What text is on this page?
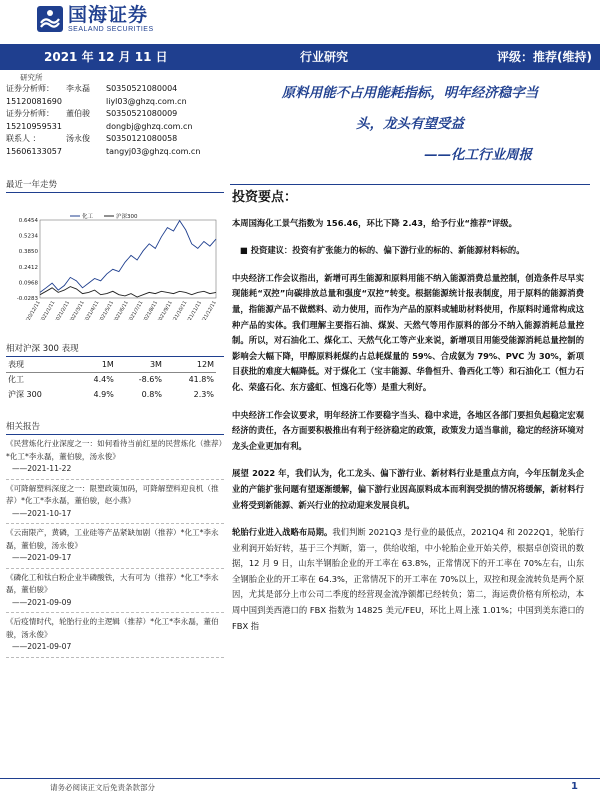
国海证券
SEALAND SECURITIES
2021 年 12 月 11 日	行业研究	评级：推荐(维持)
研究所
证券分析师：	李永磊	S0350521080004
15120081690	liyl03@ghzq.com.cn
证券分析师：	董伯骏	S0350521080009
15210959531	dongbj@ghzq.com.cn
联系人 ：	汤永俊	S0350121080058
15606133057	tangyj03@ghzq.com.cn
最近一年走势
0.6454
0.5234
0.3850
0.2412
0.0968
-0.0283
2020/12/11
2021/1/11
2021/2/11
2021/3/11
2021/4/11
2021/5/11
2021/6/11
2021/7/11
2021/8/11
2021/9/11
2021/10/11
2021/11/11
2021/12/11
化工	沪深300
相对沪深 300 表现
表现	1M	3M	12M
化工	4.4%	-8.6%	41.8%
沪深 300	4.9%	0.8%	2.3%
相关报告
《民营炼化行业深度之一：如何看待当前红星的民营炼化（推荐）*化工*李永磊，董伯骏，汤永俊》
——2021-11-22
《可降解塑料深度之一：限塑政策加码，可降解塑料迎良机（推荐）*化工*李永磊，董伯骏，赵小燕》
——2021-10-17
《云南限产，黄磷，工业硅等产品紧缺加剧（推荐）*化工*李永磊，董伯骏，汤永俊》
——2021-09-17
《磷化工和钛白粉企业半磷酸铁，大有可为（推荐）*化工*李永磊，董伯骏》
——2021-09-09
《后疫情时代，轮胎行业的主逻辑（推荐）*化工*李永磊，董伯骏，汤永俊》
——2021-09-07
原料用能不占用能耗指标，明年经济稳字当
头，龙头有望受益
——化工行业周报
投资要点：

本周国海化工景气指数为 156.46，环比下降 2.43，给予行业“推荐”评级。

■ 投资建议：投资有扩张能力的标的、偏下游行业的标的、新能源材料标的。

中央经济工作会议指出，新增可再生能源和原料用能不纳入能源消费总量控制，创造条件尽早实现能耗“双控”向碳排放总量和强度“双控”转变。根据能源统计报表制度，用于原料的能源消费量，指能源产品不做燃料、动力使用，而作为产品的原料或辅助材料使用，作原料时通常构成这种产品的实体。我们理解主要指石油、煤炭、天然气等用作原料的部分不纳入能源消耗总量控制。所以，对石油化工、煤化工、天然气化工等产业来说，新增项目用能受能源消耗总量控制的影响会大幅下降，甲醇原料耗煤约占总耗煤量的 59%、合成氨为 79%、PVC 为 30%，新项目获批的难度大幅降低。对于煤化工（宝丰能源、华鲁恒升、鲁西化工等）和石油化工（恒力石化、荣盛石化、东方盛虹、恒逸石化等）是重大利好。

中央经济工作会议要求，明年经济工作要稳字当头、稳中求进，各地区各部门要担负起稳定宏观经济的责任，各方面要积极推出有利于经济稳定的政策，政策发力适当靠前，稳定的经济环境对龙头企业更加有利。

展望 2022 年，我们认为，化工龙头、偏下游行业、新材料行业是重点方向，今年压制龙头企业的产能扩张问题有望逐渐缓解，偏下游行业因高原料成本而利润受损的情况将缓解，新材料行业将受到新能源、新兴行业的拉动迎来发展良机。

轮胎行业进入战略布局期。我们判断 2021Q3 是行业的最低点，2021Q4 和 2022Q1，轮胎行业利润开始好转，基于三个判断，第一，供给收缩，中小轮胎企业开始关停，根据卓创资讯的数据，12 月 9 日，山东半钢胎企业的开工率在 63.8%，正常情况下的开工率在 70%左右，山东全钢胎企业的开工率在 64.3%，正常情况下的开工率在 70%以上，双控和现金流转负是两个原因，尤其是部分上市公司二季度的经营现金流净额都已经转负；第二，海运费价格有所松动，本周中国到美西港口的 FBX 指数为 14825 美元/FEU，环比上周上涨 1.01%；中国到美东港口的 FBX 指

请务必阅读正文后免责条款部分	1
